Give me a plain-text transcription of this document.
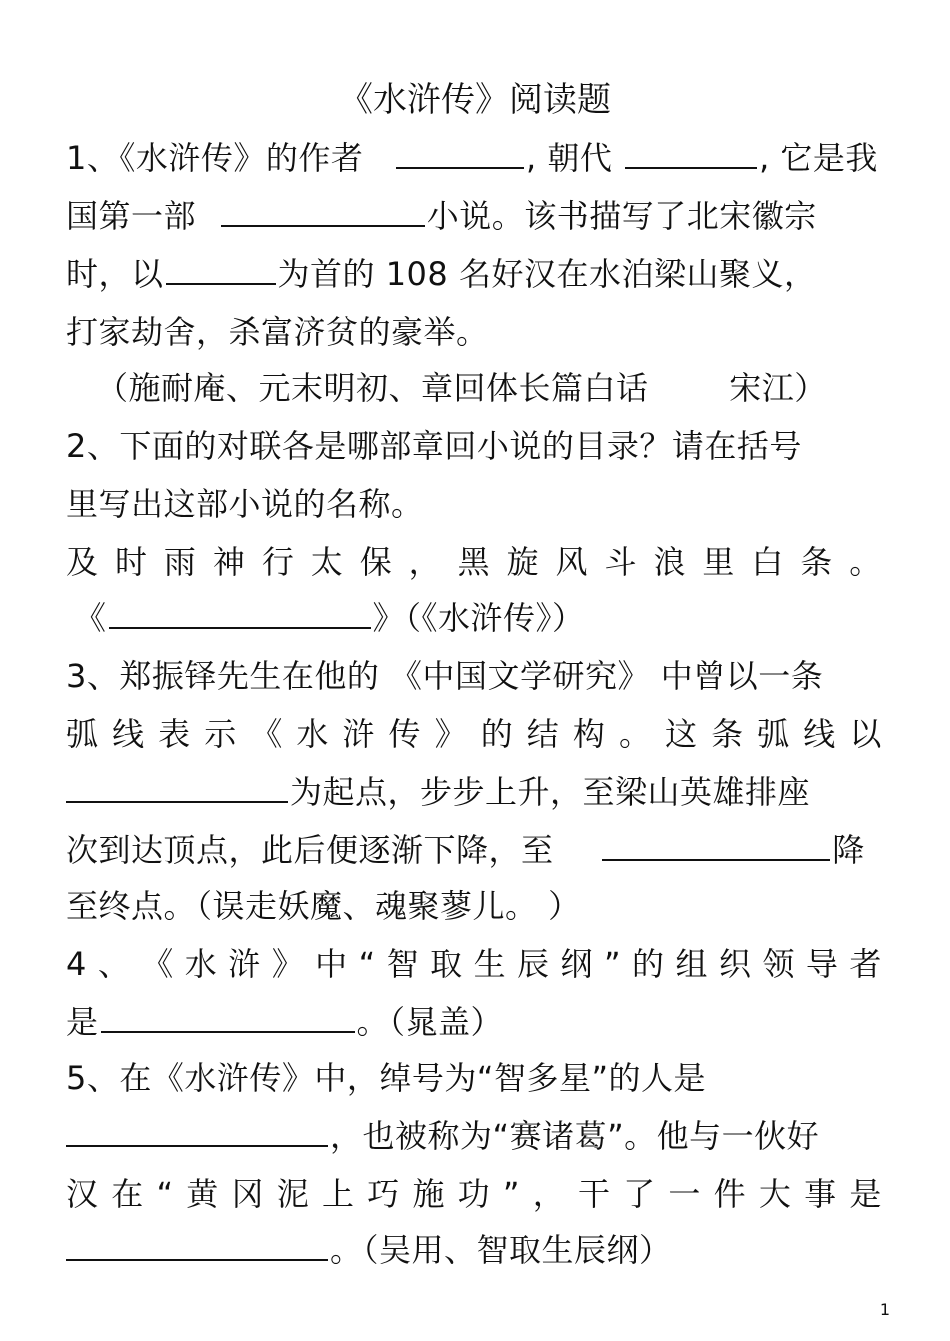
《水浒传》阅读题
1、《水浒传》的作者	, 朝代	, 它是我
国第一部	小说。该书描写了北宋徽宗
时，以	为首的 108 名好汉在水泊梁山聚义，
打家劫舍，杀富济贫的豪举。
（施耐庵、元末明初、章回体长篇白话	宋江）
2、下面的对联各是哪部章回小说的目录？请在括号
里写出这部小说的名称。
及 时 雨 神 行 太 保 ， 黑 旋 风 斗 浪 里 白 条 。
《	》（《水浒传》）
3、郑振铎先生在他的 《中国文学研究》 中曾以一条
弧 线 表 示 《 水 浒 传 》 的 结 构 。 这 条 弧 线 以
为起点，步步上升，至梁山英雄排座
次到达顶点，此后便逐渐下降，至	降
至终点。（误走妖魔、魂聚蓼儿。 ）
4 、 《 水 浒 》 中 “ 智 取 生 辰 纲 ” 的 组 织 领 导 者
是	。（晁盖）
5、在《水浒传》中，绰号为“智多星”的人是
，也被称为“赛诸葛”。他与一伙好
汉 在 “ 黄 冈 泥 上 巧 施 功 ” ， 干 了 一 件 大 事 是
。（吴用、智取生辰纲）
1
